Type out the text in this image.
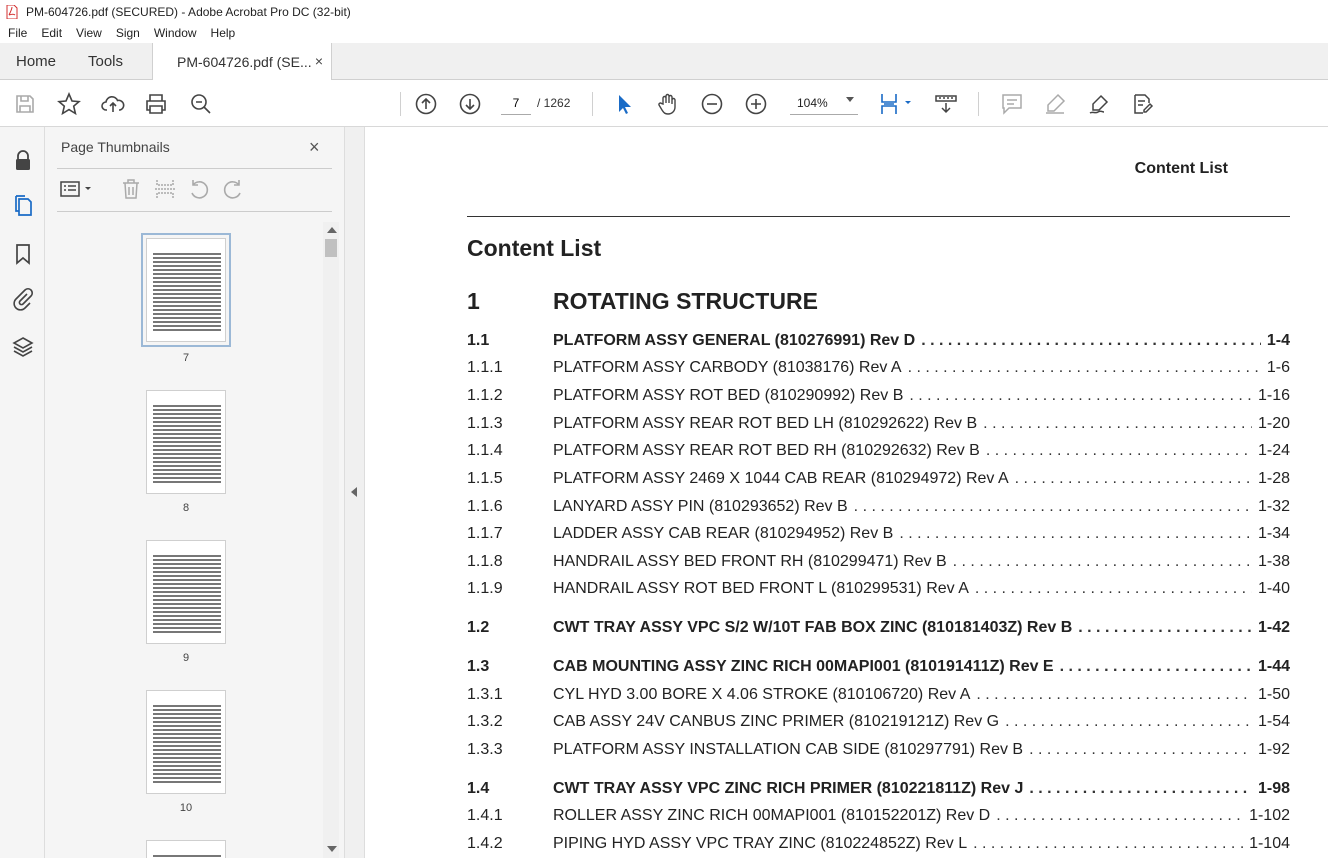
PM-604726.pdf (SECURED) - Adobe Acrobat Pro DC (32-bit)
File	Edit	View	Sign	Window	Help
Home Tools	PM-604726.pdf (SE... ×
7
/ 1262	104%
Page Thumbnails	×
7
8
9
10
Content List
Content List
1	ROTATING STRUCTURE
1.1	PLATFORM ASSY GENERAL (810276991) Rev D . . .	1-4
1.1.1	PLATFORM ASSY CARBODY (81038176) Rev A . . .	1-6
1.1.2	PLATFORM ASSY ROT BED (810290992) Rev B . . .	1-16
1.1.3	PLATFORM ASSY REAR ROT BED LH (810292622) Rev B . . .	1-20
1.1.4	PLATFORM ASSY REAR ROT BED RH (810292632) Rev B . . .	1-24
1.1.5	PLATFORM ASSY 2469 X 1044 CAB REAR (810294972) Rev A . . .	1-28
1.1.6	LANYARD ASSY PIN (810293652) Rev B . . .	1-32
1.1.7	LADDER ASSY CAB REAR (810294952) Rev B . . .	1-34
1.1.8	HANDRAIL ASSY BED FRONT RH (810299471) Rev B . . .	1-38
1.1.9	HANDRAIL ASSY ROT BED FRONT L (810299531) Rev A . . .	1-40
1.2	CWT TRAY ASSY VPC S/2 W/10T FAB BOX ZINC (810181403Z) Rev B . . .	1-42
1.3	CAB MOUNTING ASSY ZINC RICH 00MAPI001 (810191411Z) Rev E . . .	1-44
1.3.1	CYL HYD 3.00 BORE X 4.06 STROKE (810106720) Rev A . . .	1-50
1.3.2	CAB ASSY 24V CANBUS ZINC PRIMER (810219121Z) Rev G . . .	1-54
1.3.3	PLATFORM ASSY INSTALLATION CAB SIDE (810297791) Rev B . . .	1-92
1.4	CWT TRAY ASSY VPC ZINC RICH PRIMER (810221811Z) Rev J . . .	1-98
1.4.1	ROLLER ASSY ZINC RICH 00MAPI001 (810152201Z) Rev D . . .	1-102
1.4.2	PIPING HYD ASSY VPC TRAY ZINC (810224852Z) Rev L . . .	1-104
